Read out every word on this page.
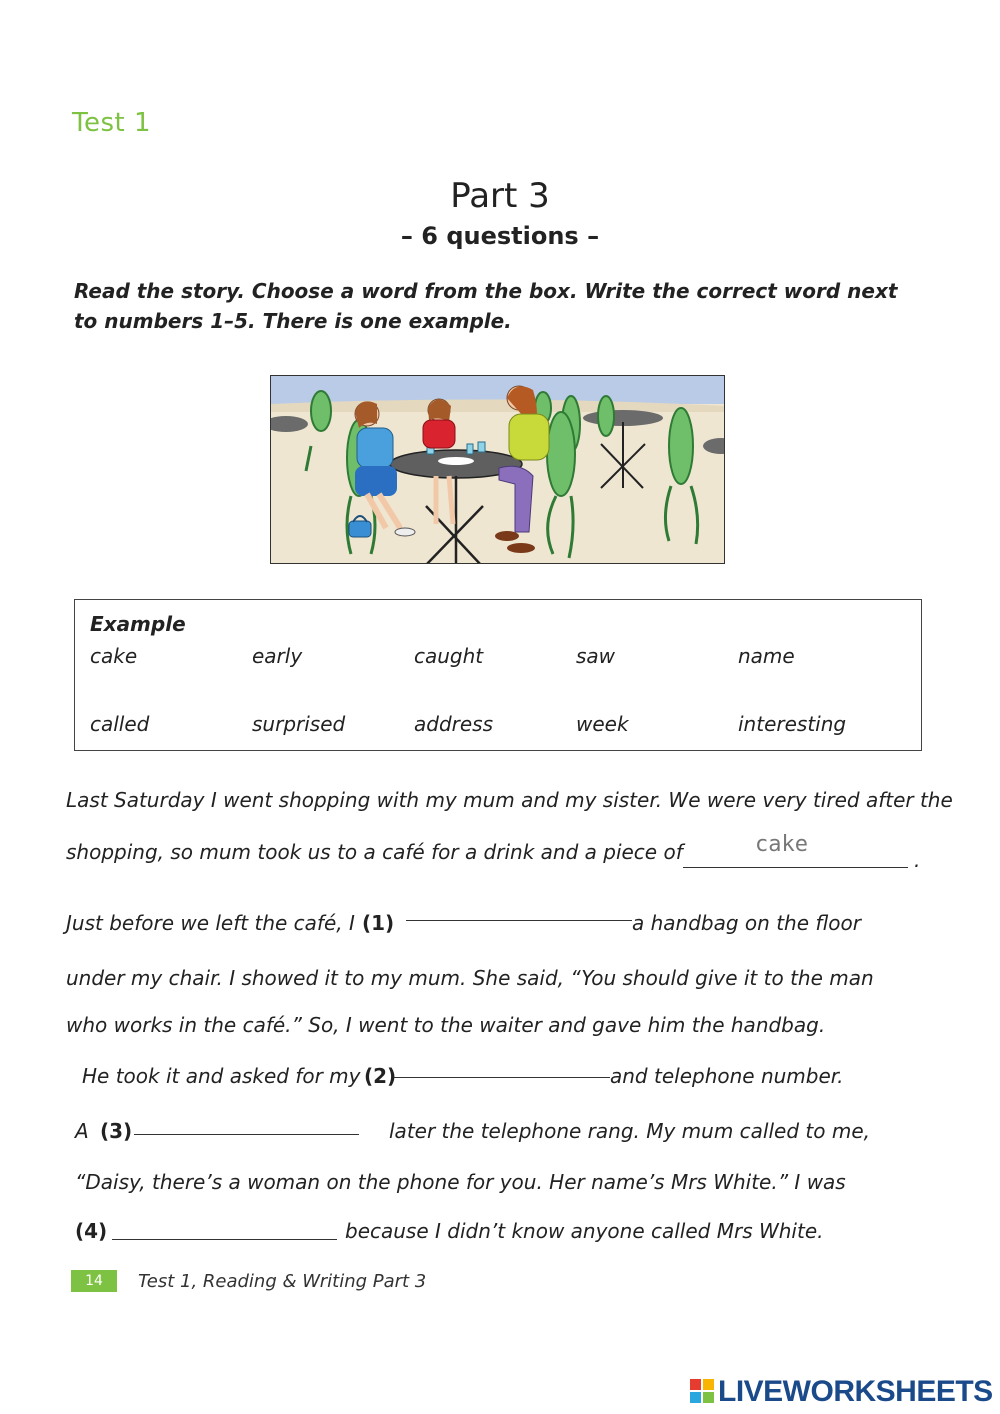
Test 1
Part 3
– 6 questions –
Read the story. Choose a word from the box. Write the correct word next
to numbers 1–5. There is one example.
Example
cake	early	caught	saw	name
called	surprised	address	week	interesting
Last Saturday I went shopping with my mum and my sister. We were very tired after the
shopping, so mum took us to a café for a drink and a piece of	cake
.
Just before we left the café, I (1)	a handbag on the floor
under my chair. I showed it to my mum. She said, “You should give it to the man
who works in the café.” So, I went to the waiter and gave him the handbag.
He took it and asked for my (2)	and telephone number.
A (3)	later the telephone rang. My mum called to me,
“Daisy, there’s a woman on the phone for you. Her name’s Mrs White.” I was
(4)	because I didn’t know anyone called Mrs White.
14	Test 1, Reading & Writing Part 3
LIVEWORKSHEETS
